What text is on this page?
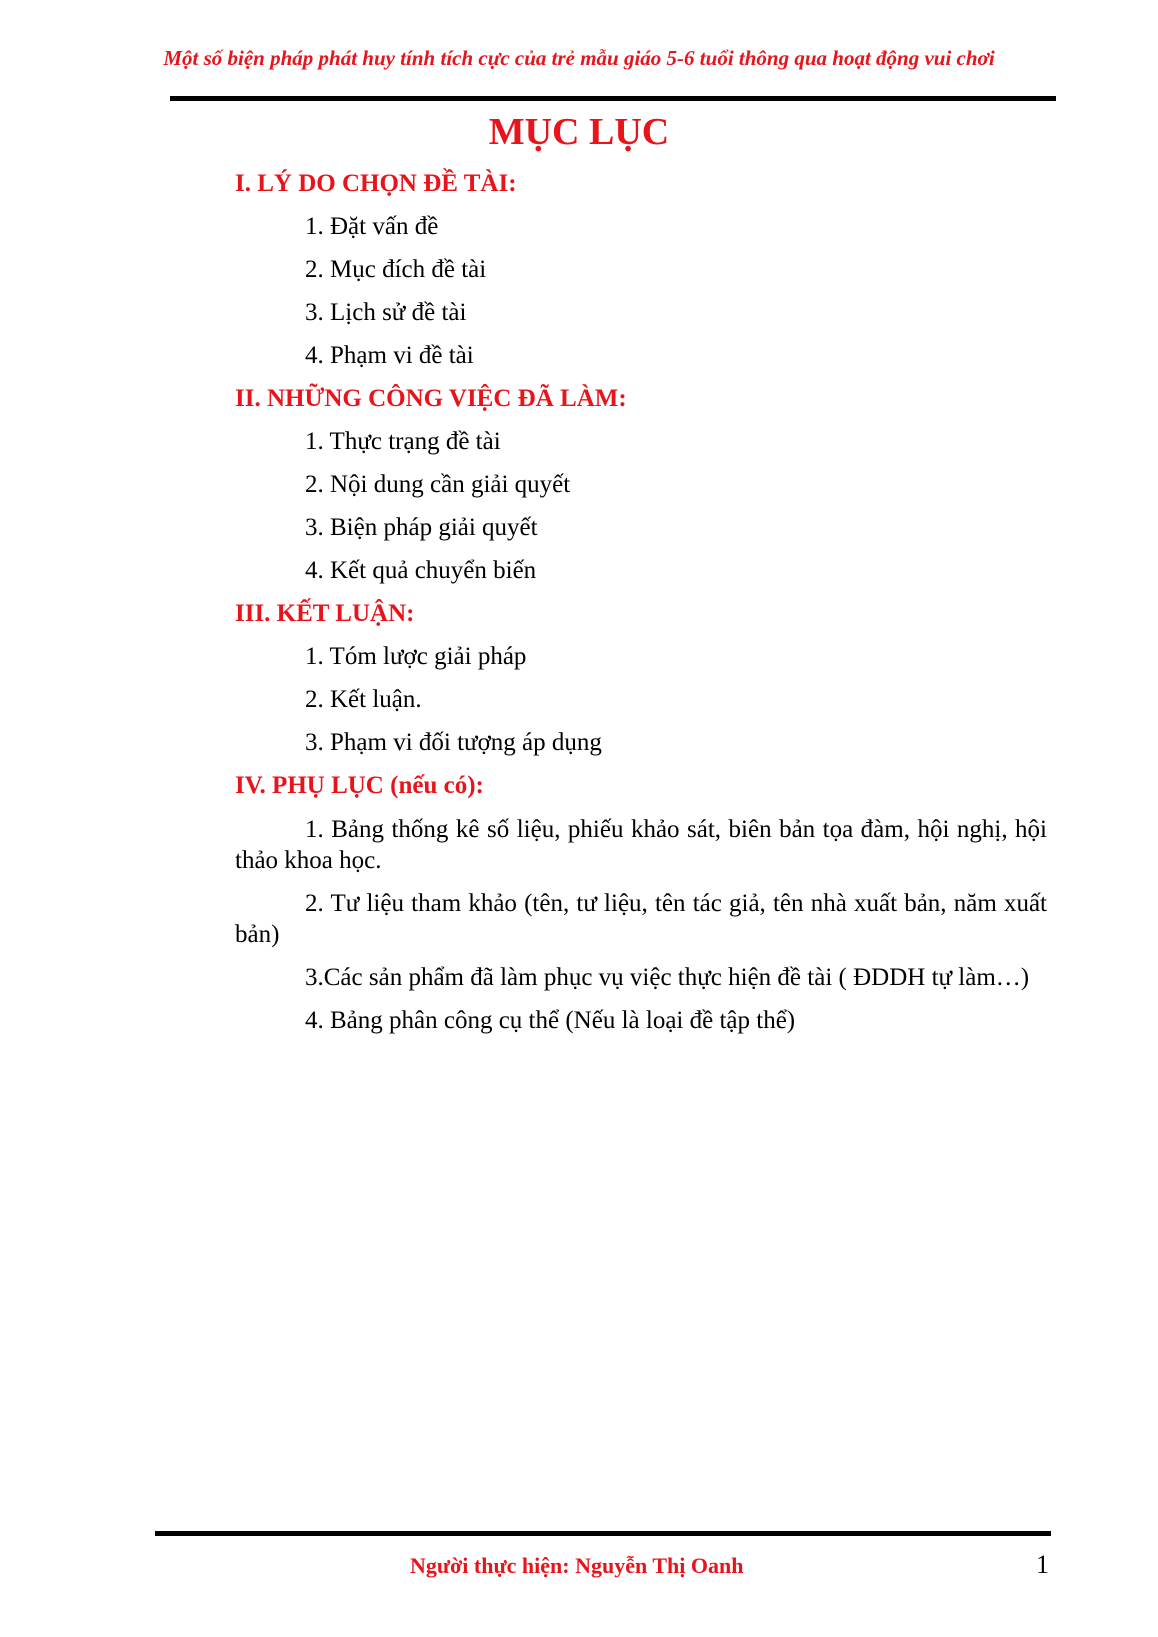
Một số biện pháp phát huy tính tích cực của trẻ mẫu giáo 5-6 tuổi thông qua hoạt động vui chơi
MỤC LỤC
I. LÝ DO CHỌN ĐỀ TÀI:
1. Đặt vấn đề
2. Mục đích đề tài
3. Lịch sử đề tài
4. Phạm vi đề tài
II. NHỮNG CÔNG VIỆC ĐÃ LÀM:
1. Thực trạng đề tài
2. Nội dung cần giải quyết
3. Biện pháp giải quyết
4. Kết quả chuyển biến
III. KẾT LUẬN:
1. Tóm lược giải pháp
2. Kết luận.
3. Phạm vi đối tượng áp dụng
IV. PHỤ LỤC (nếu có):

1. Bảng thống kê số liệu, phiếu khảo sát, biên bản tọa đàm, hội nghị, hội thảo khoa học.

2. Tư liệu tham khảo (tên, tư liệu, tên tác giả, tên nhà xuất bản, năm xuất bản)

3.Các sản phẩm đã làm phục vụ việc thực hiện đề tài ( ĐDDH tự làm…)

4. Bảng phân công cụ thể (Nếu là loại đề tập thể)

Người thực hiện: Nguyễn Thị Oanh	1
